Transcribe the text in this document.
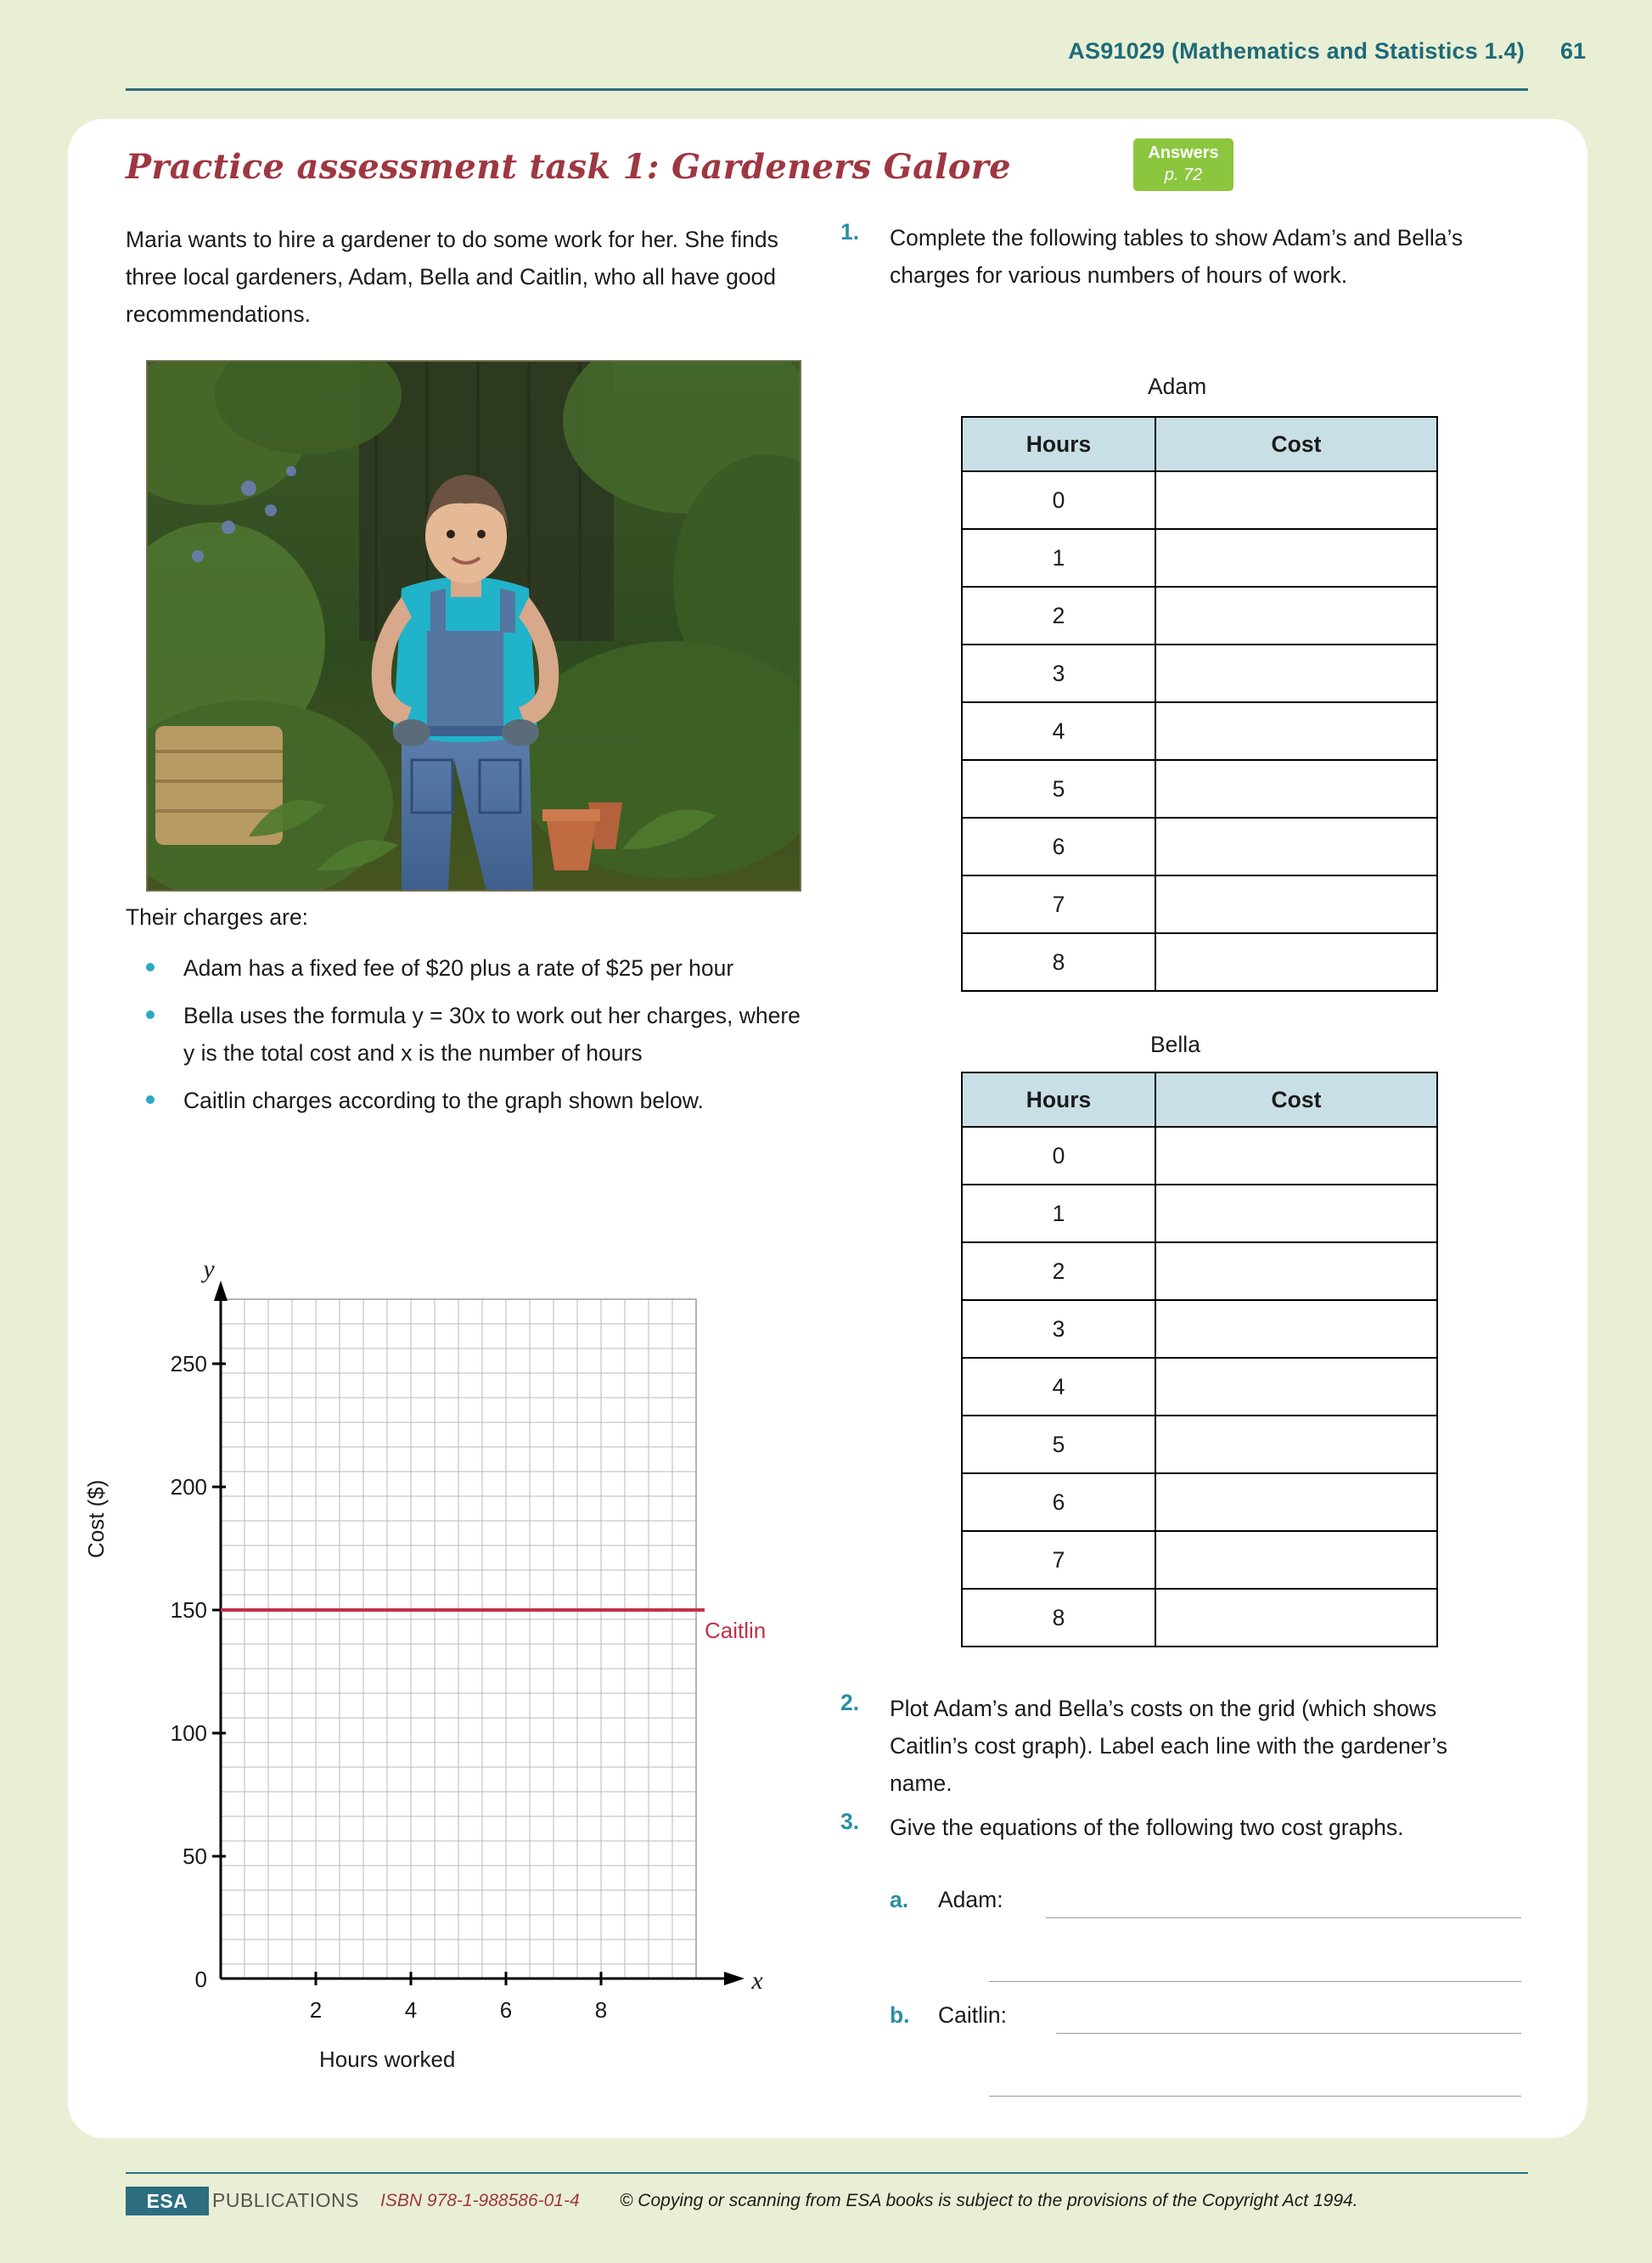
AS91029 (Mathematics and Statistics 1.4) 61
Practice assessment task 1: Gardeners Galore	Answers
p. 72
Maria wants to hire a gardener to do some work for her. She finds three local gardeners, Adam, Bella and Caitlin, who all have good recommendations.
Their charges are:
Adam has a fixed fee of $20 plus a rate of $25 per hour
Bella uses the formula y = 30x to work out her charges, where y is the total cost and x is the number of hours
Caitlin charges according to the graph shown below.
Cost ($)
Hours worked
Caitlin
0
50
100
150
200
250
2	4	6	8
y
x
1. Complete the following tables to show Adam’s and Bella’s charges for various numbers of hours of work.
Adam
Hours	Cost
0	
1	
2	
3	
4	
5	
6	
7	
8	
Bella
Hours	Cost
0	
1	
2	
3	
4	
5	
6	
7	
8	
2. Plot Adam’s and Bella’s costs on the grid (which shows Caitlin’s cost graph). Label each line with the gardener’s name.
3. Give the equations of the following two cost graphs.
a. Adam:
b. Caitlin:
ESA	PUBLICATIONS ISBN 978-1-988586-01-4 © Copying or scanning from ESA books is subject to the provisions of the Copyright Act 1994.
